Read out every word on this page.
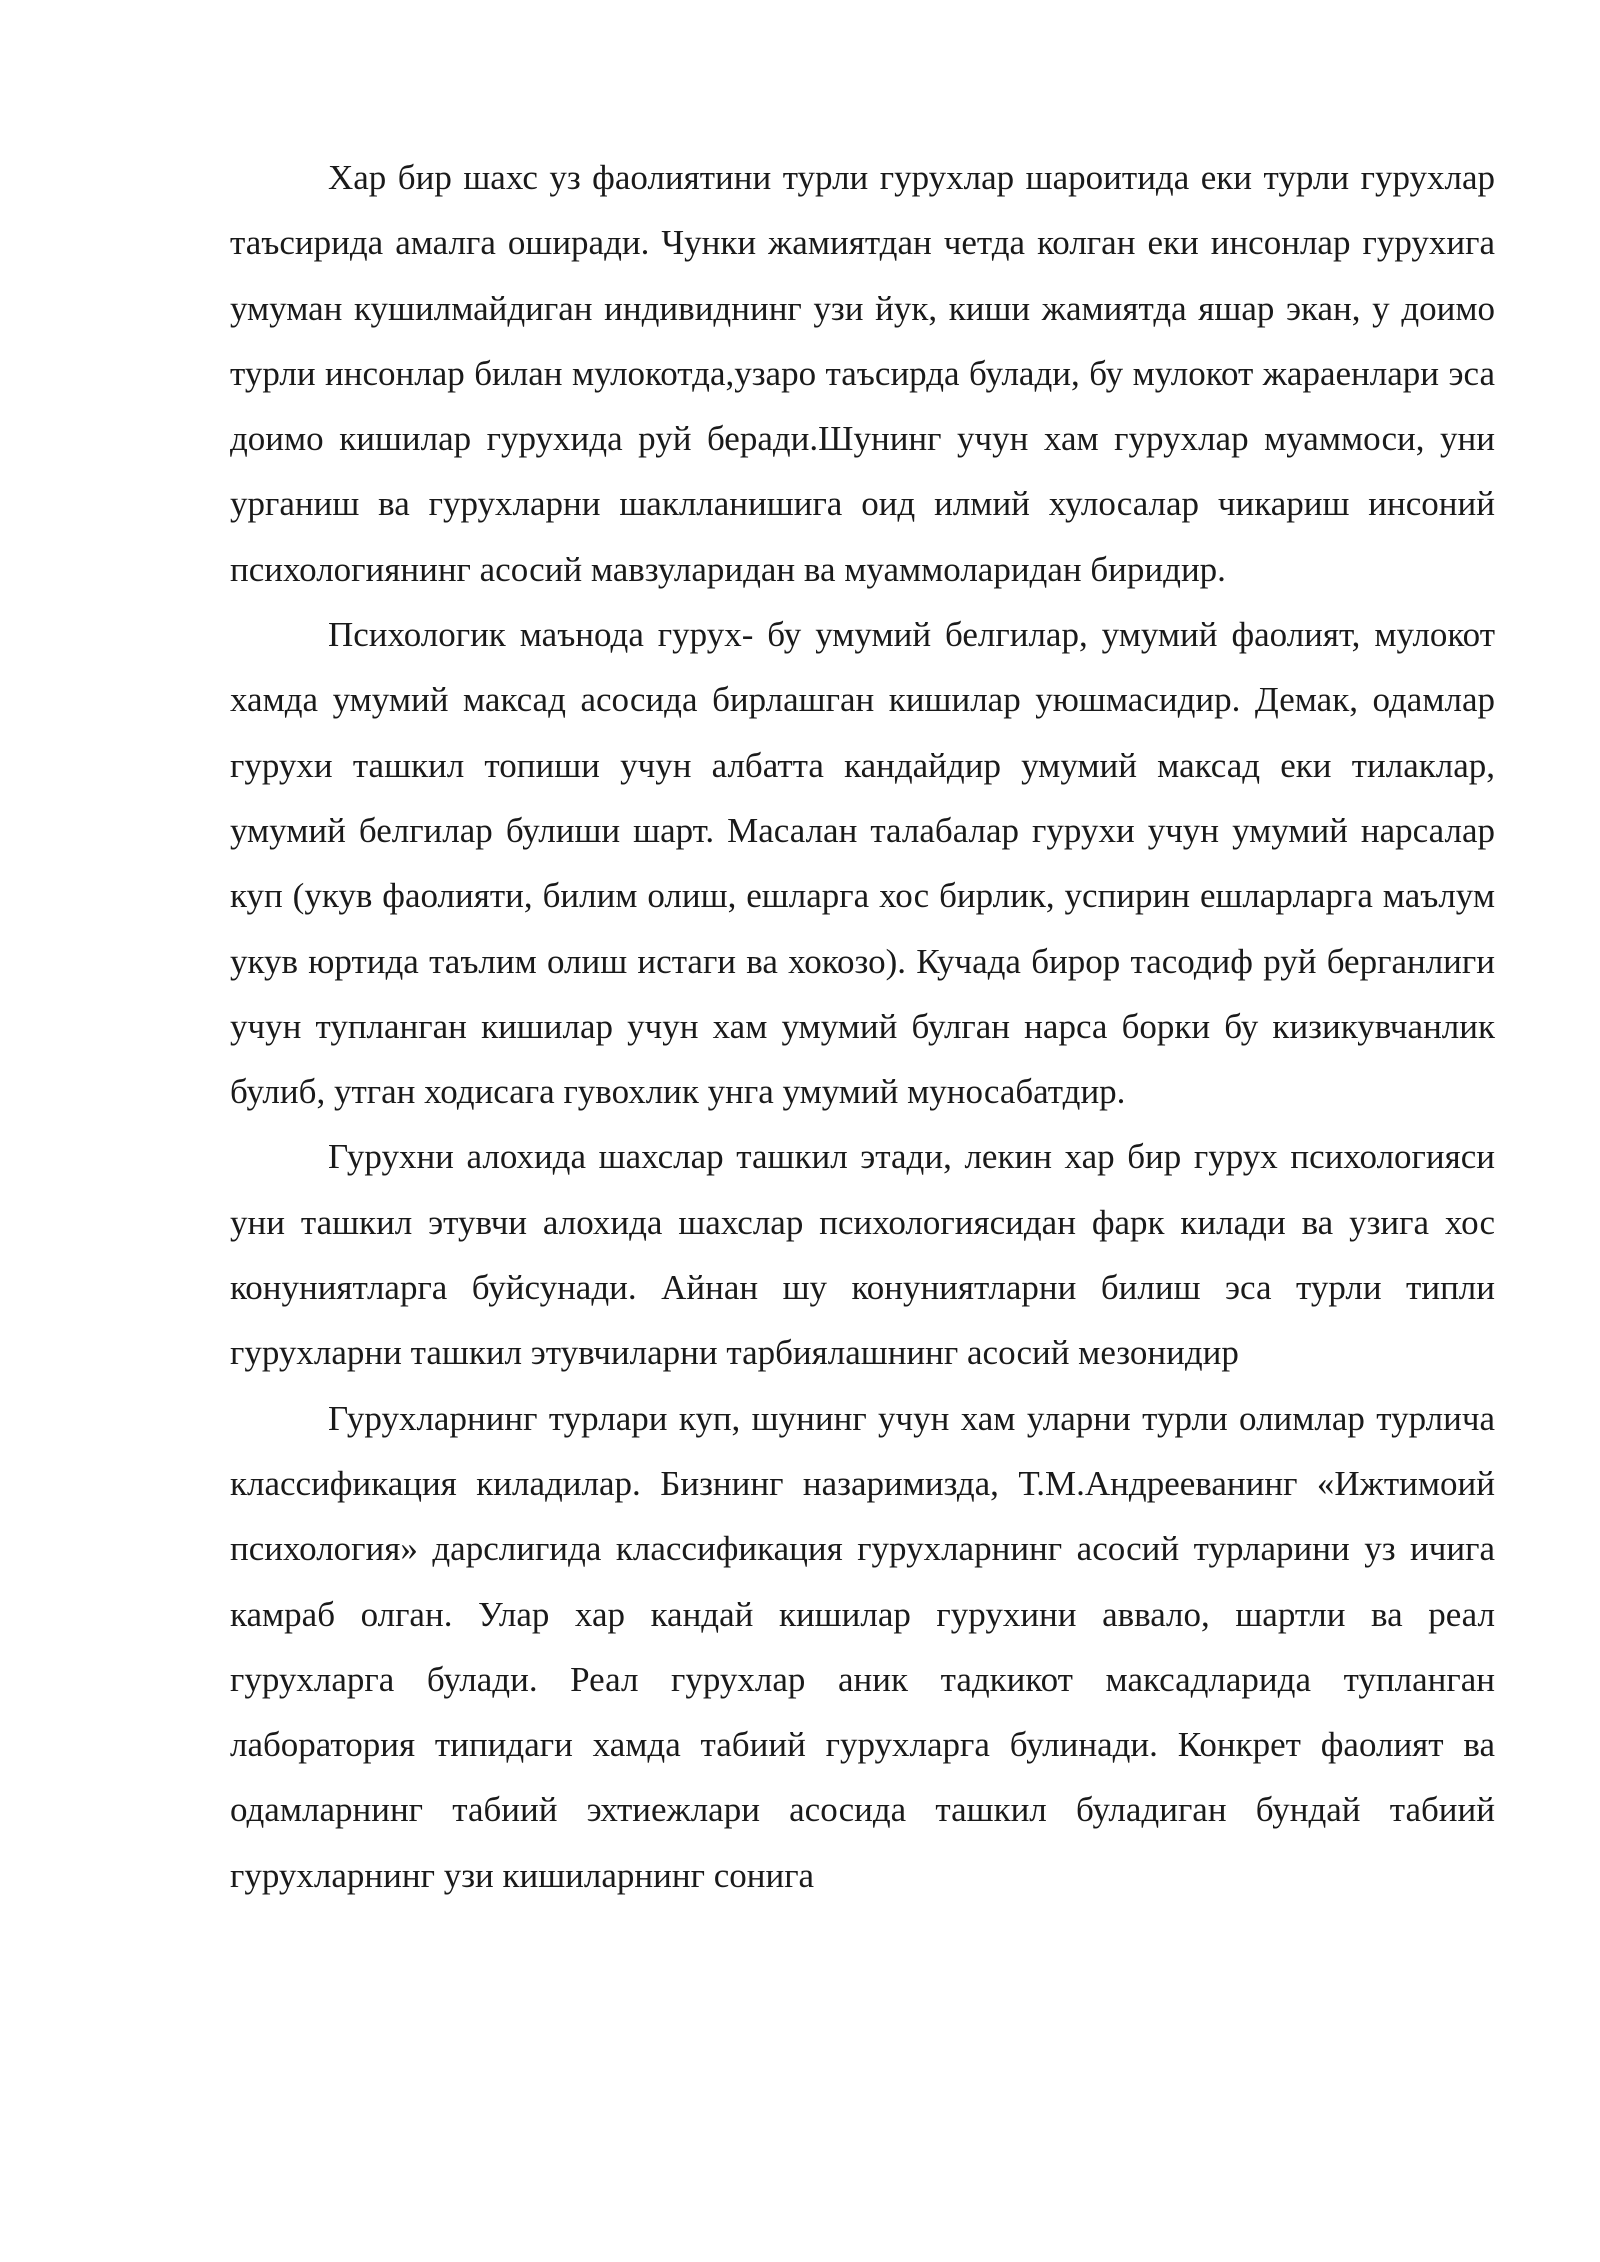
Хар бир шахс уз фаолиятини турли гурухлар шароитида еки турли гурухлар таъсирида амалга оширади. Чунки жамиятдан четда колган еки инсонлар гурухига умуман кушилмайдиган индивиднинг узи йук, киши жамиятда яшар экан, у доимо турли инсонлар билан мулокотда,узаро таъсирда булади, бу мулокот жараенлари эса доимо кишилар гурухида руй беради.Шунинг учун хам гурухлар муаммоси, уни урганиш ва гурухларни шаклланишига оид илмий хулосалар чикариш инсоний психологиянинг асосий мавзуларидан ва муаммоларидан биридир.

Психологик маънода гурух- бу умумий белгилар, умумий фаолият, мулокот хамда умумий максад асосида бирлашган кишилар уюшмасидир. Демак, одамлар гурухи ташкил топиши учун албатта кандайдир умумий максад еки тилаклар, умумий белгилар булиши шарт. Масалан талабалар гурухи учун умумий нарсалар куп (укув фаолияти, билим олиш, ешларга хос бирлик, успирин ешларларга маълум укув юртида таълим олиш истаги ва хокозо). Кучада бирор тасодиф руй берганлиги учун тупланган кишилар учун хам умумий булган нарса борки бу кизикувчанлик булиб, утган ходисага гувохлик унга умумий муносабатдир.

Гурухни алохида шахслар ташкил этади, лекин хар бир гурух психологияси уни ташкил этувчи алохида шахслар психологиясидан фарк килади ва узига хос конуниятларга буйсунади. Айнан шу конуниятларни билиш эса турли типли гурухларни ташкил этувчиларни тарбиялашнинг асосий мезонидир

Гурухларнинг турлари куп, шунинг учун хам уларни турли олимлар турлича классификация киладилар. Бизнинг назаримизда, Т.М.Андрееванинг «Ижтимоий психология» дарслигида классификация гурухларнинг асосий турларини уз ичига камраб олган. Улар хар кандай кишилар гурухини аввало, шартли ва реал гурухларга булади. Реал гурухлар аник тадкикот максадларида тупланган лаборатория типидаги хамда табиий гурухларга булинади. Конкрет фаолият ва одамларнинг табиий эхтиежлари асосида ташкил буладиган бундай табиий гурухларнинг узи кишиларнинг сонига
